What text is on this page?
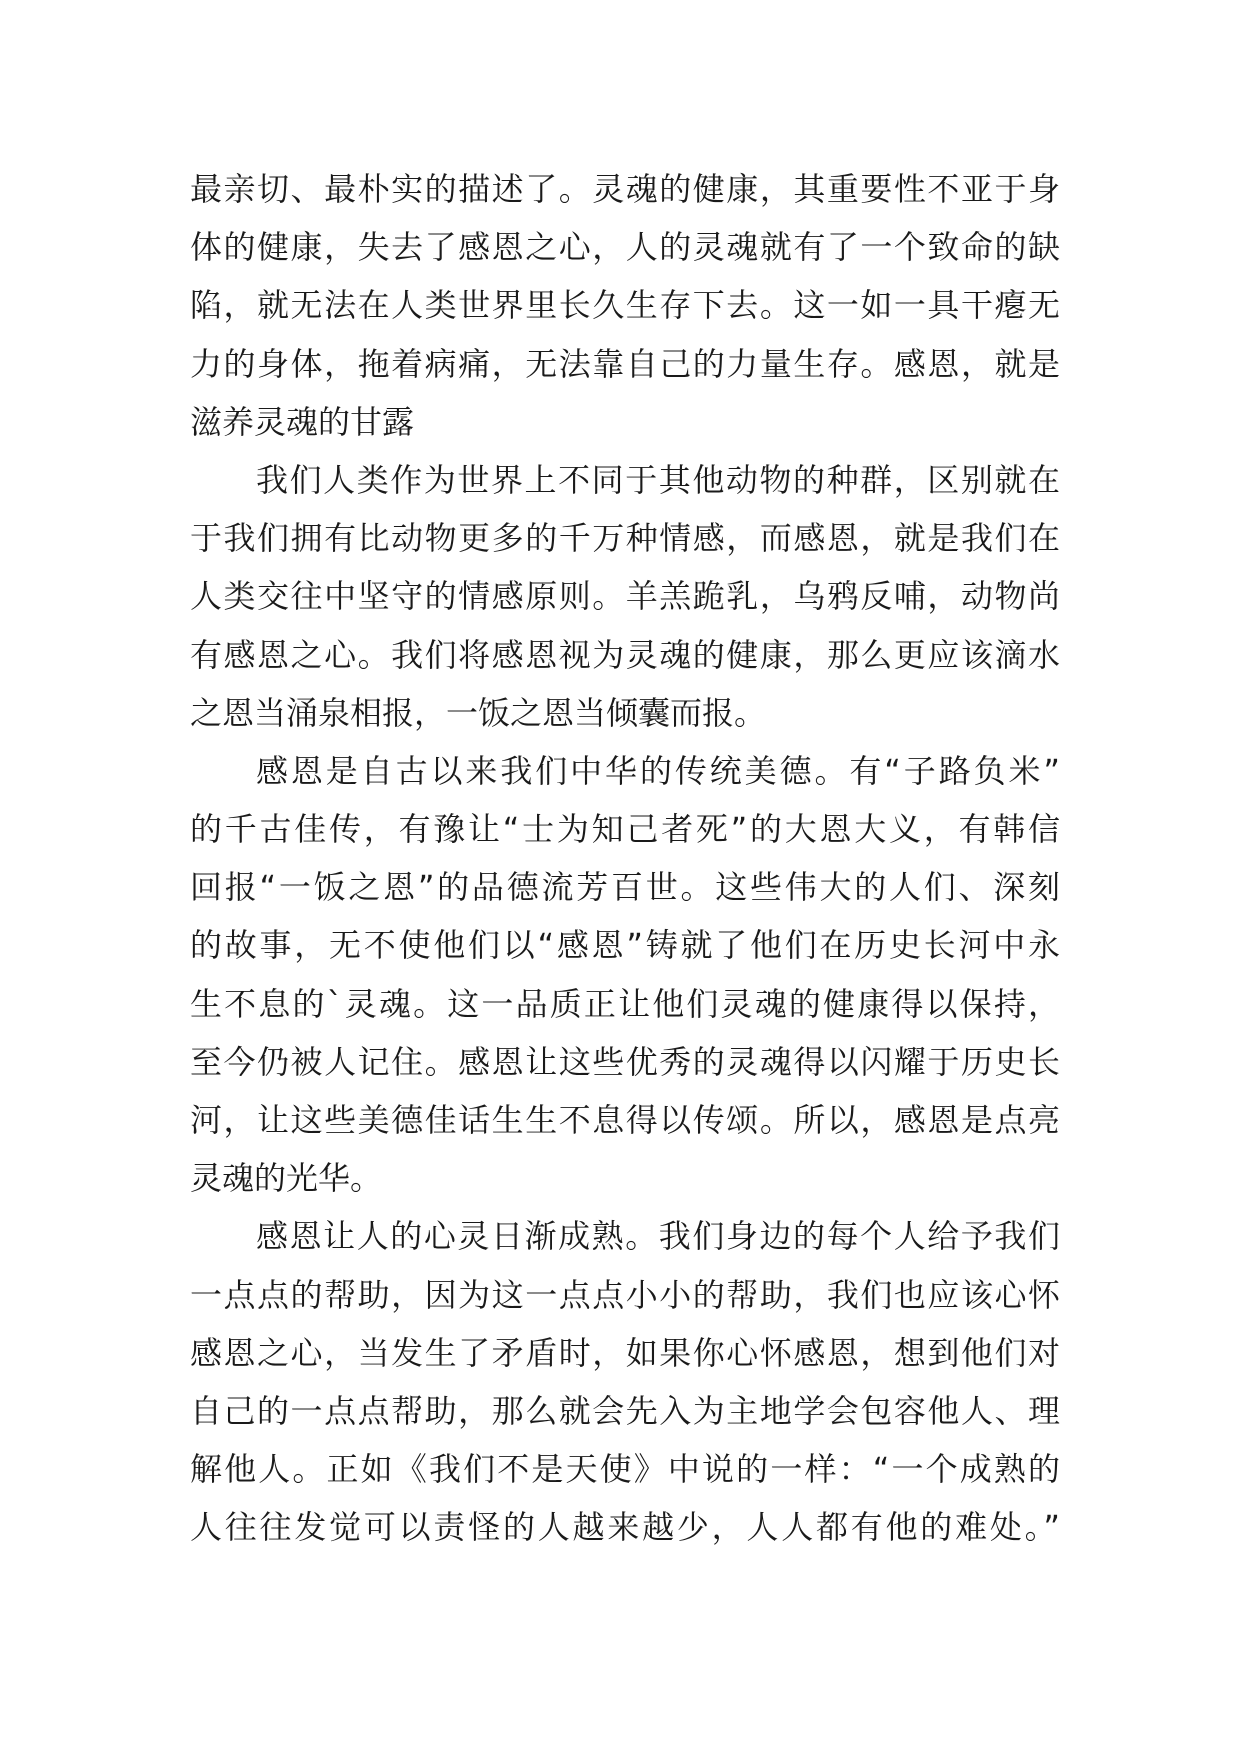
最亲切、最朴实的描述了。灵魂的健康，其重要性不亚于身
体的健康，失去了感恩之心，人的灵魂就有了一个致命的缺
陷，就无法在人类世界里长久生存下去。这一如一具干瘪无
力的身体，拖着病痛，无法靠自己的力量生存。感恩，就是
滋养灵魂的甘露
我们人类作为世界上不同于其他动物的种群，区别就在
于我们拥有比动物更多的千万种情感，而感恩，就是我们在
人类交往中坚守的情感原则。羊羔跪乳，乌鸦反哺，动物尚
有感恩之心。我们将感恩视为灵魂的健康，那么更应该滴水
之恩当涌泉相报，一饭之恩当倾囊而报。
感恩是自古以来我们中华的传统美德。有“子路负米”
的千古佳传，有豫让“士为知己者死”的大恩大义，有韩信
回报“一饭之恩”的品德流芳百世。这些伟大的人们、深刻
的故事，无不使他们以“感恩”铸就了他们在历史长河中永
生不息的`灵魂。这一品质正让他们灵魂的健康得以保持，
至今仍被人记住。感恩让这些优秀的灵魂得以闪耀于历史长
河，让这些美德佳话生生不息得以传颂。所以，感恩是点亮
灵魂的光华。
感恩让人的心灵日渐成熟。我们身边的每个人给予我们
一点点的帮助，因为这一点点小小的帮助，我们也应该心怀
感恩之心，当发生了矛盾时，如果你心怀感恩，想到他们对
自己的一点点帮助，那么就会先入为主地学会包容他人、理
解他人。正如《我们不是天使》中说的一样：“一个成熟的
人往往发觉可以责怪的人越来越少，人人都有他的难处。”
